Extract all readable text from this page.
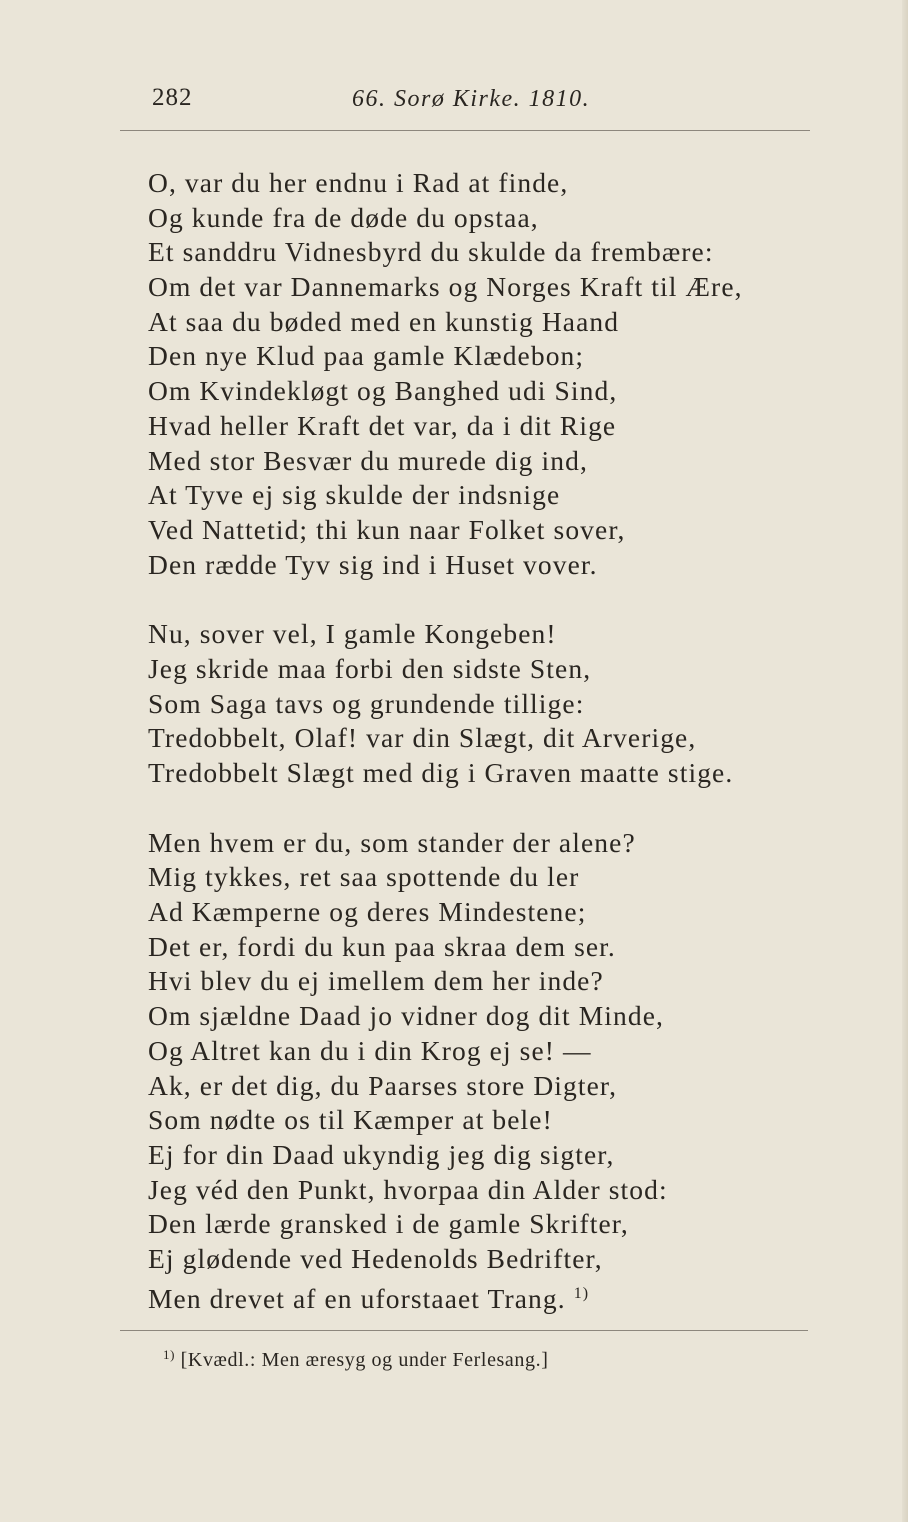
282	66. Sorø Kirke. 1810.
O, var du her endnu i Rad at finde,
Og kunde fra de døde du opstaa,
Et sanddru Vidnesbyrd du skulde da frembære:
Om det var Dannemarks og Norges Kraft til Ære,
At saa du bøded med en kunstig Haand
Den nye Klud paa gamle Klædebon;
Om Kvindekløgt og Banghed udi Sind,
Hvad heller Kraft det var, da i dit Rige
Med stor Besvær du murede dig ind,
At Tyve ej sig skulde der indsnige
Ved Nattetid; thi kun naar Folket sover,
Den rædde Tyv sig ind i Huset vover.
Nu, sover vel, I gamle Kongeben!
Jeg skride maa forbi den sidste Sten,
Som Saga tavs og grundende tillige:
Tredobbelt, Olaf! var din Slægt, dit Arverige,
Tredobbelt Slægt med dig i Graven maatte stige.
Men hvem er du, som stander der alene?
Mig tykkes, ret saa spottende du ler
Ad Kæmperne og deres Mindestene;
Det er, fordi du kun paa skraa dem ser.
Hvi blev du ej imellem dem her inde?
Om sjældne Daad jo vidner dog dit Minde,
Og Altret kan du i din Krog ej se! —
Ak, er det dig, du Paarses store Digter,
Som nødte os til Kæmper at bele!
Ej for din Daad ukyndig jeg dig sigter,
Jeg véd den Punkt, hvorpaa din Alder stod:
Den lærde gransked i de gamle Skrifter,
Ej glødende ved Hedenolds Bedrifter,
Men drevet af en uforstaaet Trang. $^{1)}$
$^{1)}$ [Kvædl.: Men æresyg og under Ferlesang.]
